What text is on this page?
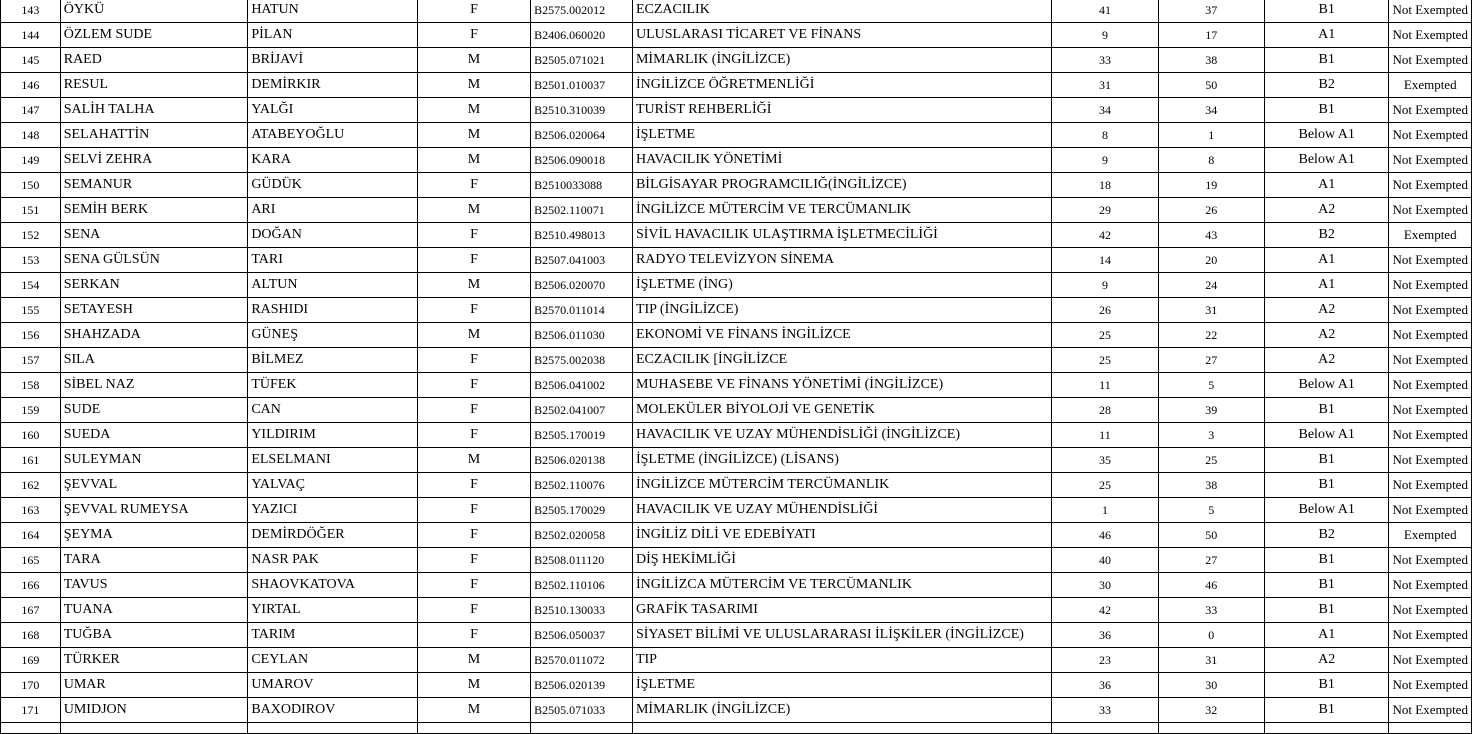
143	ÖYKÜ	HATUN	F	B2575.002012	ECZACILIK	41	37	B1	Not Exempted
144	ÖZLEM SUDE	PİLAN	F	B2406.060020	ULUSLARASI TİCARET VE FİNANS	9	17	A1	Not Exempted
145	RAED	BRİJAVİ	M	B2505.071021	MİMARLIK (İNGİLİZCE)	33	38	B1	Not Exempted
146	RESUL	DEMİRKIR	M	B2501.010037	İNGİLİZCE ÖĞRETMENLİĞİ	31	50	B2	Exempted
147	SALİH TALHA	YALĞI	M	B2510.310039	TURİST REHBERLİĞİ	34	34	B1	Not Exempted
148	SELAHATTİN	ATABEYOĞLU	M	B2506.020064	İŞLETME	8	1	Below A1	Not Exempted
149	SELVİ ZEHRA	KARA	M	B2506.090018	HAVACILIK YÖNETİMİ	9	8	Below A1	Not Exempted
150	SEMANUR	GÜDÜK	F	B2510033088	BİLGİSAYAR PROGRAMCILIĞ(İNGİLİZCE)	18	19	A1	Not Exempted
151	SEMİH BERK	ARI	M	B2502.110071	İNGİLİZCE MÜTERCİM VE TERCÜMANLIK	29	26	A2	Not Exempted
152	SENA	DOĞAN	F	B2510.498013	SİVİL HAVACILIK ULAŞTIRMA İŞLETMECİLİĞİ	42	43	B2	Exempted
153	SENA GÜLSÜN	TARI	F	B2507.041003	RADYO TELEVİZYON SİNEMA	14	20	A1	Not Exempted
154	SERKAN	ALTUN	M	B2506.020070	İŞLETME (İNG)	9	24	A1	Not Exempted
155	SETAYESH	RASHIDI	F	B2570.011014	TIP (İNGİLİZCE)	26	31	A2	Not Exempted
156	SHAHZADA	GÜNEŞ	M	B2506.011030	EKONOMİ VE FİNANS İNGİLİZCE	25	22	A2	Not Exempted
157	SILA	BİLMEZ	F	B2575.002038	ECZACILIK [İNGİLİZCE	25	27	A2	Not Exempted
158	SİBEL NAZ	TÜFEK	F	B2506.041002	MUHASEBE VE FİNANS YÖNETİMİ (İNGİLİZCE)	11	5	Below A1	Not Exempted
159	SUDE	CAN	F	B2502.041007	MOLEKÜLER BİYOLOJİ VE GENETİK	28	39	B1	Not Exempted
160	SUEDA	YILDIRIM	F	B2505.170019	HAVACILIK VE UZAY MÜHENDİSLİĞİ (İNGİLİZCE)	11	3	Below A1	Not Exempted
161	SULEYMAN	ELSELMANI	M	B2506.020138	İŞLETME (İNGİLİZCE) (LİSANS)	35	25	B1	Not Exempted
162	ŞEVVAL	YALVAÇ	F	B2502.110076	İNGİLİZCE MÜTERCİM TERCÜMANLIK	25	38	B1	Not Exempted
163	ŞEVVAL RUMEYSA	YAZICI	F	B2505.170029	HAVACILIK VE UZAY MÜHENDİSLİĞİ	1	5	Below A1	Not Exempted
164	ŞEYMA	DEMİRDÖĞER	F	B2502.020058	İNGİLİZ DİLİ VE EDEBİYATI	46	50	B2	Exempted
165	TARA	NASR PAK	F	B2508.011120	DİŞ HEKİMLİĞİ	40	27	B1	Not Exempted
166	TAVUS	SHAOVKATOVA	F	B2502.110106	İNGİLİZCA MÜTERCİM VE TERCÜMANLIK	30	46	B1	Not Exempted
167	TUANA	YIRTAL	F	B2510.130033	GRAFİK TASARIMI	42	33	B1	Not Exempted
168	TUĞBA	TARIM	F	B2506.050037	SİYASET BİLİMİ VE ULUSLARARASI İLİŞKİLER (İNGİLİZCE)	36	0	A1	Not Exempted
169	TÜRKER	CEYLAN	M	B2570.011072	TIP	23	31	A2	Not Exempted
170	UMAR	UMAROV	M	B2506.020139	İŞLETME	36	30	B1	Not Exempted
171	UMIDJON	BAXODIROV	M	B2505.071033	MİMARLIK (İNGİLİZCE)	33	32	B1	Not Exempted
